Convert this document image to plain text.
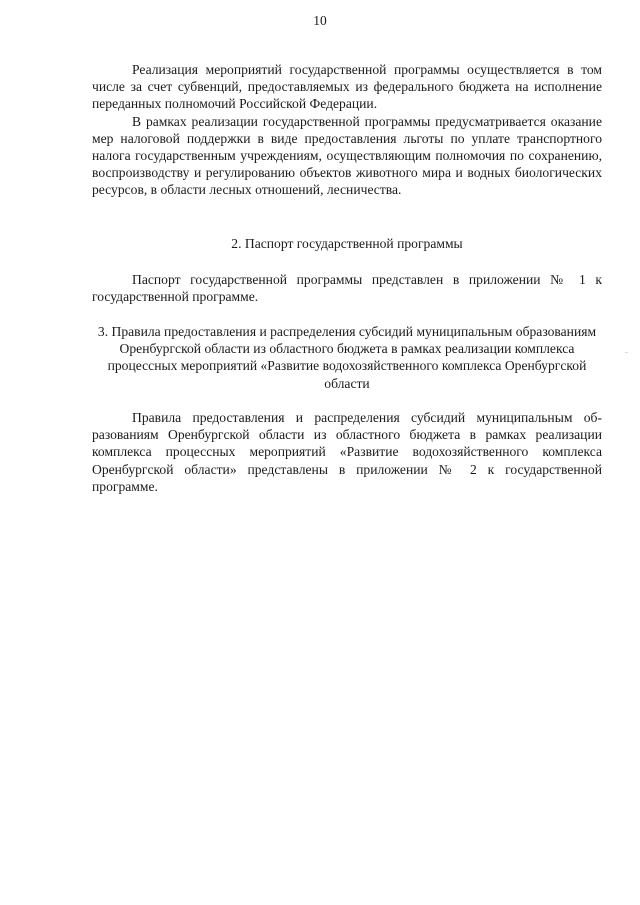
10

Реализация мероприятий государственной программы осуществляется в том числе за счет субвенций, предоставляемых из федерального бюджета на исполнение переданных полномочий Российской Федерации.

В рамках реализации государственной программы предусматривается оказание мер налоговой поддержки в виде предоставления льготы по уплате транспортного налога государственным учреждениям, осуществляющим полномочия по сохранению, воспроизводству и регулированию объектов животного мира и водных биологических ресурсов, в области лесных отношений, лесничества.

2. Паспорт государственной программы

Паспорт государственной программы представлен в приложении № 1 к государственной программе.

3. Правила предоставления и распределения субсидий муниципальным образованиям Оренбургской области из областного бюджета в рамках реализации комплекса процессных мероприятий «Развитие водохозяйственного комплекса Оренбургской области

Правила предоставления и распределения субсидий муниципальным образованиям Оренбургской области из областного бюджета в рамках реализации комплекса процессных мероприятий «Развитие водохозяйственного комплекса Оренбургской области» представлены в приложении № 2 к государственной программе.
